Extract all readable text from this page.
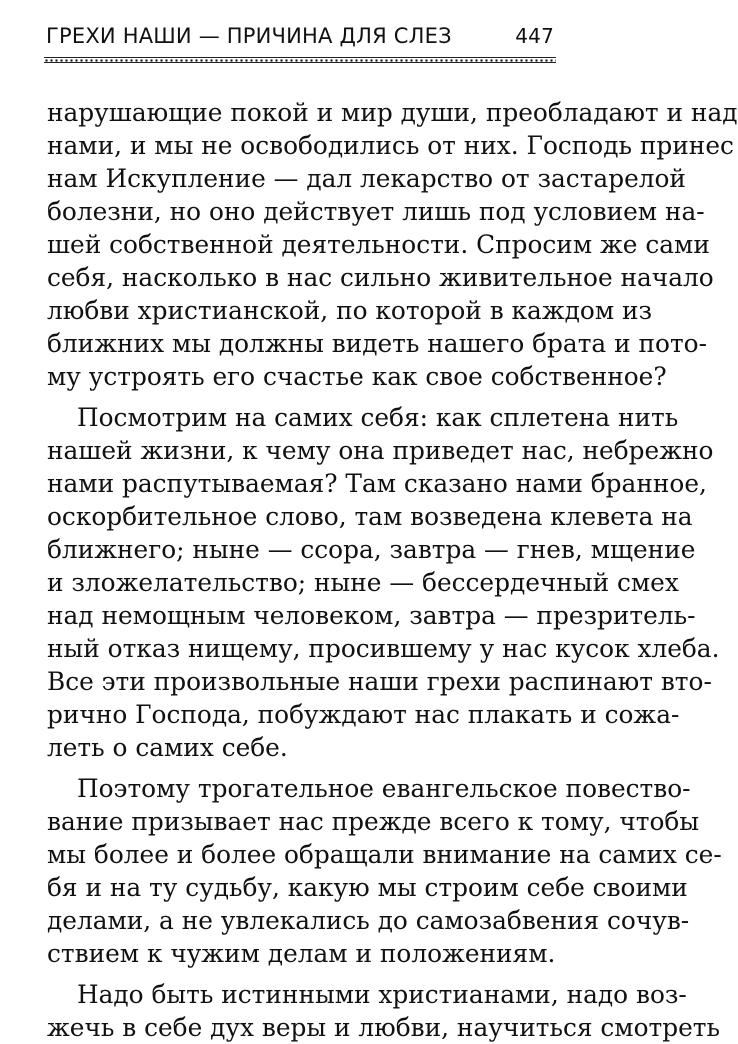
ГРЕХИ НАШИ — ПРИЧИНА ДЛЯ СЛЕЗ	447
нарушающие покой и мир души, преобладают и над
нами, и мы не освободились от них. Господь принес
нам Искупление — дал лекарство от застарелой
болезни, но оно действует лишь под условием на-
шей собственной деятельности. Спросим же сами
себя, насколько в нас сильно живительное начало
любви христианской, по которой в каждом из
ближних мы должны видеть нашего брата и пото-
му устроять его счастье как свое собственное?
Посмотрим на самих себя: как сплетена нить
нашей жизни, к чему она приведет нас, небрежно
нами распутываемая? Там сказано нами бранное,
оскорбительное слово, там возведена клевета на
ближнего; ныне — ссора, завтра — гнев, мщение
и зложелательство; ныне — бессердечный смех
над немощным человеком, завтра — презритель-
ный отказ нищему, просившему у нас кусок хлеба.
Все эти произвольные наши грехи распинают вто-
рично Господа, побуждают нас плакать и сожа-
леть о самих себе.
Поэтому трогательное евангельское повество-
вание призывает нас прежде всего к тому, чтобы
мы более и более обращали внимание на самих се-
бя и на ту судьбу, какую мы строим себе своими
делами, а не увлекались до самозабвения сочув-
ствием к чужим делам и положениям.
Надо быть истинными христианами, надо воз-
жечь в себе дух веры и любви, научиться смотреть
